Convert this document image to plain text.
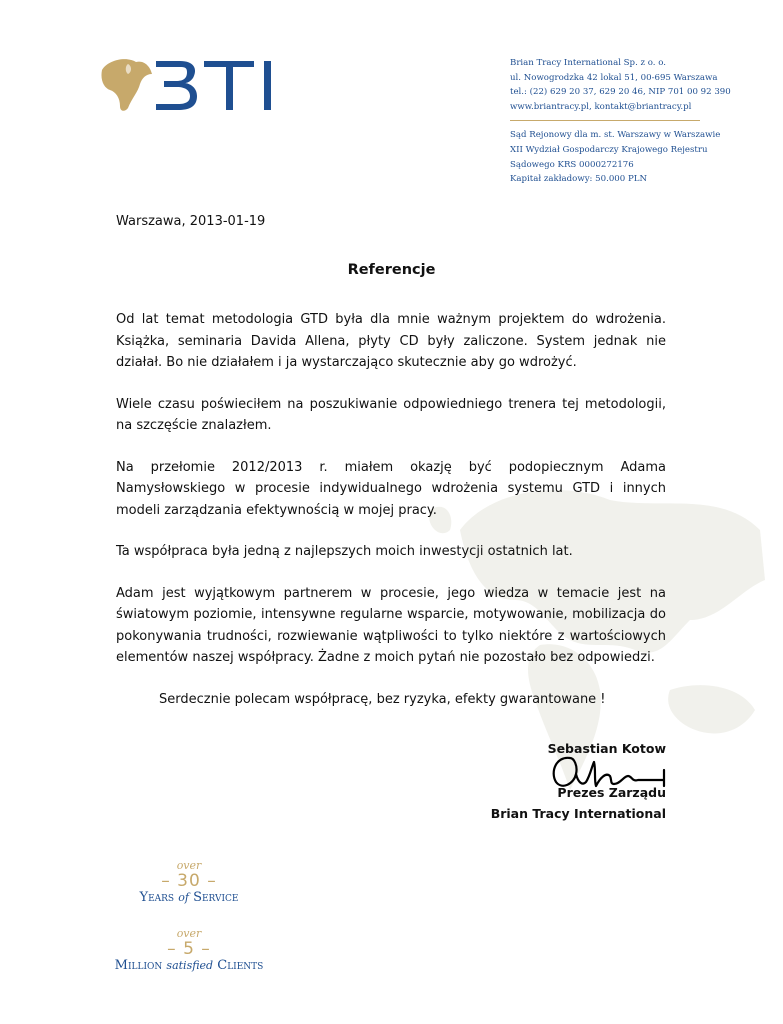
Brian Tracy International Sp. z o. o.
ul. Nowogrodzka 42 lokal 51, 00-695 Warszawa
tel.: (22) 629 20 37, 629 20 46, NIP 701 00 92 390
www.briantracy.pl, kontakt@briantracy.pl
Sąd Rejonowy dla m. st. Warszawy w Warszawie
XII Wydział Gospodarczy Krajowego Rejestru
Sądowego KRS 0000272176
Kapitał zakładowy: 50.000 PLN
Warszawa, 2013-01-19
Referencje

Od lat temat metodologia GTD była dla mnie ważnym projektem do wdrożenia. Książka, seminaria Davida Allena, płyty CD były zaliczone. System jednak nie działał. Bo nie działałem i ja wystarczająco skutecznie aby go wdrożyć.

Wiele czasu poświeciłem na poszukiwanie odpowiedniego trenera tej metodologii, na szczęście znalazłem.

Na przełomie 2012/2013 r. miałem okazję być podopiecznym Adama Namysłowskiego w procesie indywidualnego wdrożenia systemu GTD i innych modeli zarządzania efektywnością w mojej pracy.

Ta współpraca była jedną z najlepszych moich inwestycji ostatnich lat.

Adam jest wyjątkowym partnerem w procesie, jego wiedza w temacie jest na światowym poziomie, intensywne regularne wsparcie, motywowanie, mobilizacja do pokonywania trudności, rozwiewanie wątpliwości to tylko niektóre z wartościowych elementów naszej współpracy. Żadne z moich pytań nie pozostało bez odpowiedzi.

Serdecznie polecam współpracę, bez ryzyka, efekty gwarantowane !

Sebastian Kotow
Prezes Zarządu
Brian Tracy International
over
– 30 –
Years of Service
over
– 5 –
Million satisfied Clients
